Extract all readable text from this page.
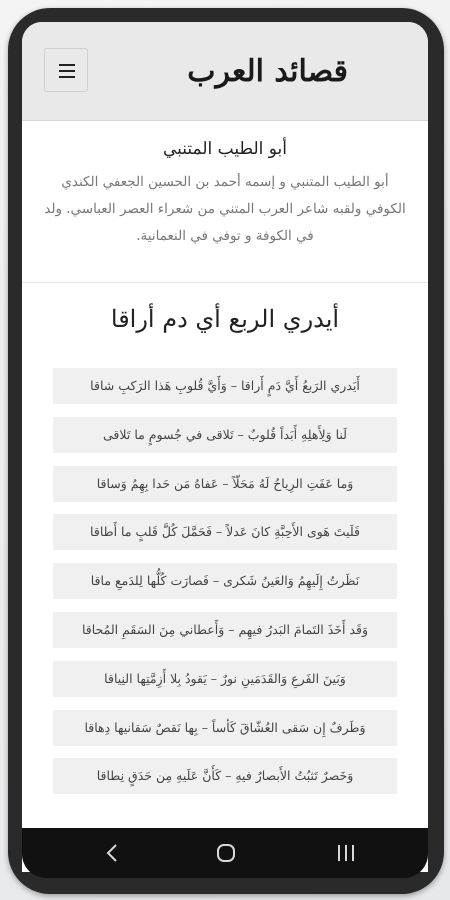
قصائد العرب
أبو الطيب المتنبي
أبو الطيب المتنبي و إسمه أحمد بن الحسين الجعفي الكندي الكوفي ولقبه شاعر العرب المتني من شعراء العصر العباسي. ولد في الكوفة و توفي في النعمانية.
أيدري الربع أي دم أراقا
أَيَدري الرَبعُ أَيَّ دَمٍ أَراقا – وَأَيَّ قُلوبِ هَذا الرَكبِ شاقا
لَنا وَلِأَهلِهِ أَبَداً قُلوبٌ – تَلاقى في جُسومٍ ما تَلاقى
وَما عَفَتِ الرِياحُ لَهُ مَحَلّاً – عَفاهُ مَن حَدا بِهِمُ وَساقا
فَلَيتَ هَوى الأَحِبَّةِ كانَ عَدلاً – فَحَمَّلَ كُلَّ قَلبٍ ما أَطاقا
نَظَرتُ إِلَيهِمُ وَالعَينُ شَكرى – فَصارَت كُلُّها لِلدَمعِ ماقا
وَقَد أَخَذَ التَمامَ البَدرُ فيهِم – وَأَعطاني مِنَ السَقَمِ المُحاقا
وَبَينَ الفَرعِ وَالقَدَمَينِ نورٌ – يَقودُ بِلا أَزِمَّتِها النِياقا
وَطَرفٌ إِن سَقى العُشّاقَ كَأساً – بِها نَقصٌ سَقانيها دِهاقا
وَخَصرٌ تَثبُتُ الأَبصارُ فيهِ – كَأَنَّ عَلَيهِ مِن حَدَقٍ نِطاقا
